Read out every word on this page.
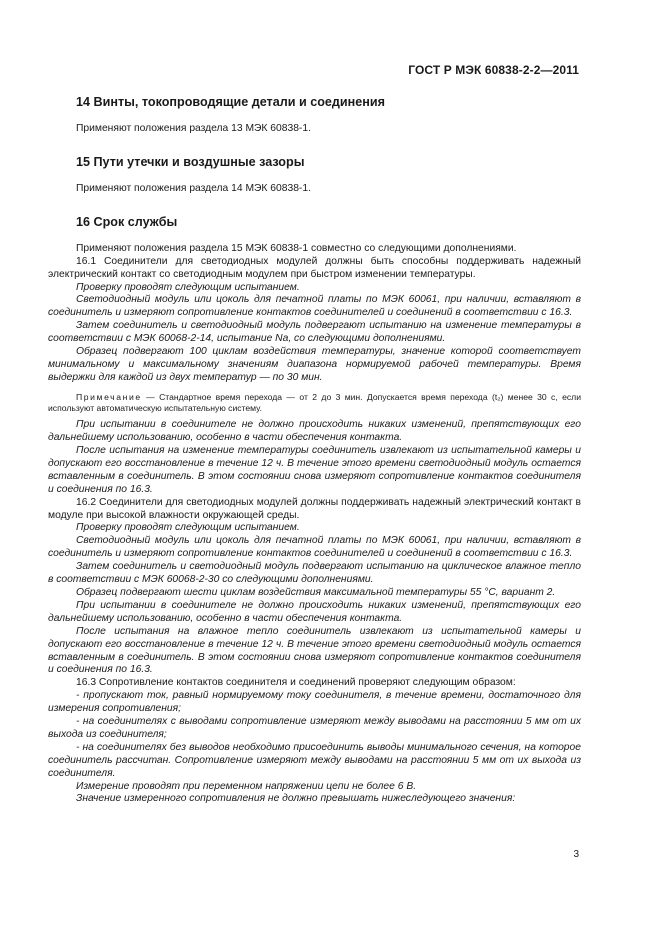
ГОСТ Р МЭК 60838-2-2—2011
14 Винты, токопроводящие детали и соединения

Применяют положения раздела 13 МЭК 60838-1.

15 Пути утечки и воздушные зазоры

Применяют положения раздела 14 МЭК 60838-1.

16 Срок службы

Применяют положения раздела 15 МЭК 60838-1 совместно со следующими дополнениями.

16.1 Соединители для светодиодных модулей должны быть способны поддерживать надежный электрический контакт со светодиодным модулем при быстром изменении температуры.

Проверку проводят следующим испытанием.

Светодиодный модуль или цоколь для печатной платы по МЭК 60061, при наличии, вставляют в соединитель и измеряют сопротивление контактов соединителей и соединений в соответствии с 16.3.

Затем соединитель и светодиодный модуль подвергают испытанию на изменение температуры в соответствии с МЭК 60068-2-14, испытание Na, со следующими дополнениями.

Образец подвергают 100 циклам воздействия температуры, значение которой соответствует минимальному и максимальному значениям диапазона нормируемой рабочей температуры. Время выдержки для каждой из двух температур — по 30 мин.

Примечание — Стандартное время перехода — от 2 до 3 мин. Допускается время перехода (t₂) менее 30 с, если используют автоматическую испытательную систему.

При испытании в соединителе не должно происходить никаких изменений, препятствующих его дальнейшему использованию, особенно в части обеспечения контакта.

После испытания на изменение температуры соединитель извлекают из испытательной камеры и допускают его восстановление в течение 12 ч. В течение этого времени светодиодный модуль остается вставленным в соединитель. В этом состоянии снова измеряют сопротивление контактов соединителя и соединения по 16.3.

16.2 Соединители для светодиодных модулей должны поддерживать надежный электрический контакт в модуле при высокой влажности окружающей среды.

Проверку проводят следующим испытанием.

Светодиодный модуль или цоколь для печатной платы по МЭК 60061, при наличии, вставляют в соединитель и измеряют сопротивление контактов соединителей и соединений в соответствии с 16.3.

Затем соединитель и светодиодный модуль подвергают испытанию на циклическое влажное тепло в соответствии с МЭК 60068-2-30 со следующими дополнениями.

Образец подвергают шести циклам воздействия максимальной температуры 55 °С, вариант 2.

При испытании в соединителе не должно происходить никаких изменений, препятствующих его дальнейшему использованию, особенно в части обеспечения контакта.

После испытания на влажное тепло соединитель извлекают из испытательной камеры и допускают его восстановление в течение 12 ч. В течение этого времени светодиодный модуль остается вставленным в соединитель. В этом состоянии снова измеряют сопротивление контактов соединителя и соединения по 16.3.

16.3 Сопротивление контактов соединителя и соединений проверяют следующим образом:

- пропускают ток, равный нормируемому току соединителя, в течение времени, достаточного для измерения сопротивления;

- на соединителях с выводами сопротивление измеряют между выводами на расстоянии 5 мм от их выхода из соединителя;

- на соединителях без выводов необходимо присоединить выводы минимального сечения, на которое соединитель рассчитан. Сопротивление измеряют между выводами на расстоянии 5 мм от их выхода из соединителя.

Измерение проводят при переменном напряжении цепи не более 6 В.

Значение измеренного сопротивления не должно превышать нижеследующего значения:

3
